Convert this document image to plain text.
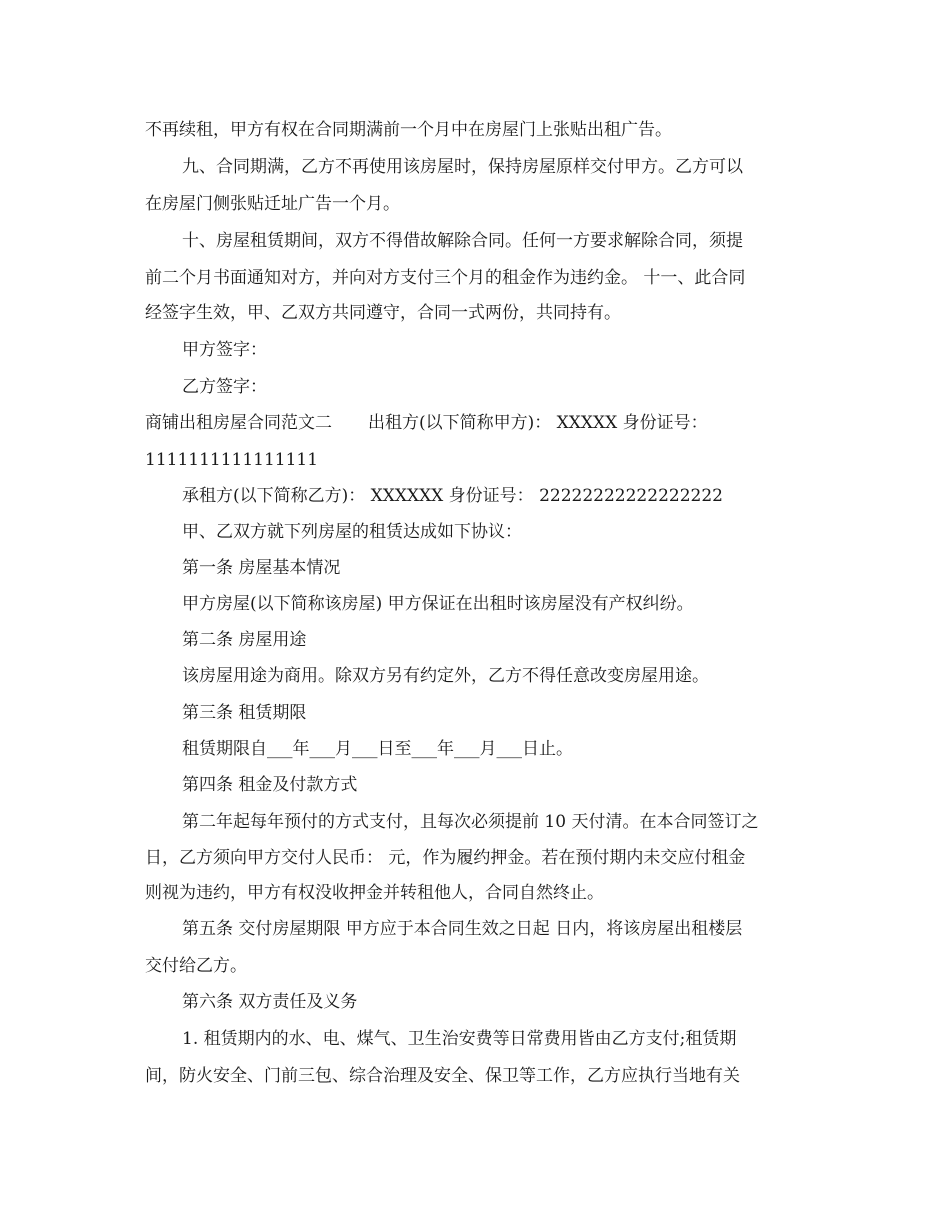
不再续租，甲方有权在合同期满前一个月中在房屋门上张贴出租广告。
九、合同期满，乙方不再使用该房屋时，保持房屋原样交付甲方。乙方可以
在房屋门侧张贴迁址广告一个月。
十、房屋租赁期间，双方不得借故解除合同。任何一方要求解除合同，须提
前二个月书面通知对方，并向对方支付三个月的租金作为违约金。 十一、此合同
经签字生效，甲、乙双方共同遵守，合同一式两份，共同持有。
甲方签字：
乙方签字：
商铺出租房屋合同范文二 出租方(以下简称甲方)： XXXXX 身份证号：
1111111111111111
承租方(以下简称乙方)： XXXXXX 身份证号： 22222222222222222
甲、乙双方就下列房屋的租赁达成如下协议：
第一条 房屋基本情况
甲方房屋(以下简称该房屋) 甲方保证在出租时该房屋没有产权纠纷。
第二条 房屋用途
该房屋用途为商用。除双方另有约定外，乙方不得任意改变房屋用途。
第三条 租赁期限
租赁期限自___年___月___日至___年___月___日止。
第四条 租金及付款方式
第二年起每年预付的方式支付，且每次必须提前 10 天付清。在本合同签订之
日，乙方须向甲方交付人民币： 元，作为履约押金。若在预付期内未交应付租金
则视为违约，甲方有权没收押金并转租他人，合同自然终止。
第五条 交付房屋期限 甲方应于本合同生效之日起 日内，将该房屋出租楼层
交付给乙方。
第六条 双方责任及义务
1. 租赁期内的水、电、煤气、卫生治安费等日常费用皆由乙方支付;租赁期
间，防火安全、门前三包、综合治理及安全、保卫等工作，乙方应执行当地有关
